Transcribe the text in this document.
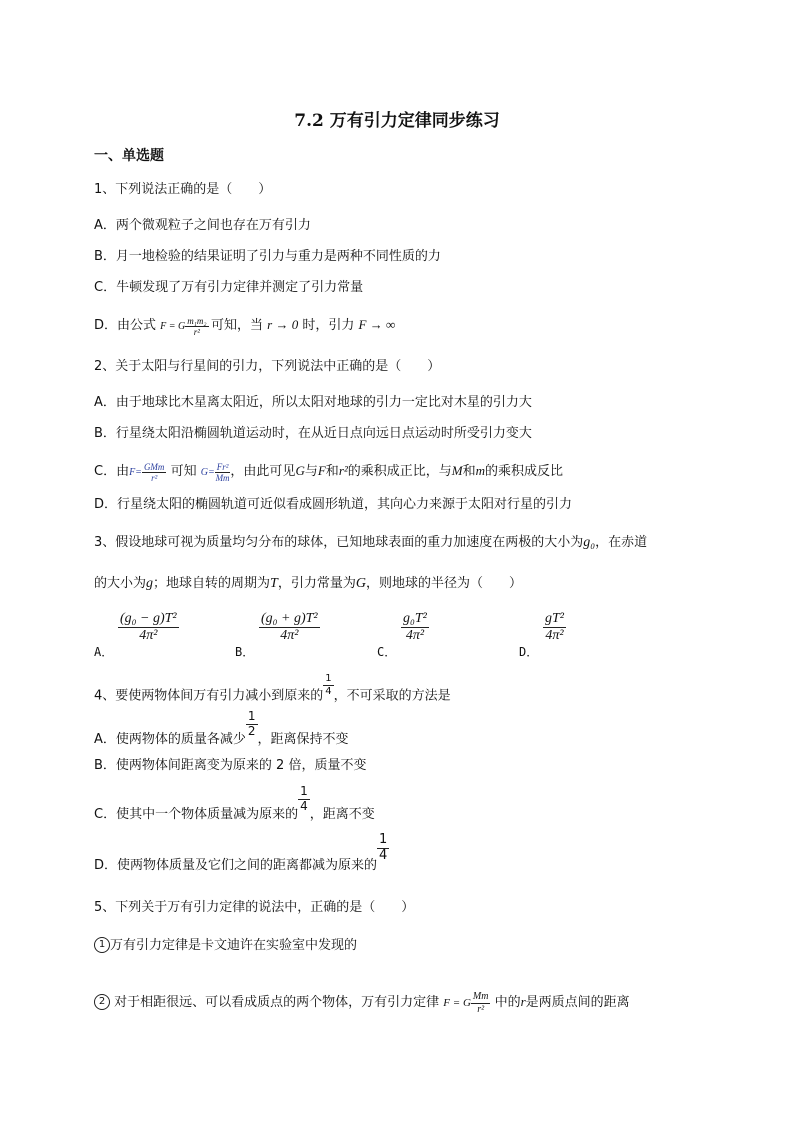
7.2 万有引力定律同步练习
一、单选题
1、下列说法正确的是（　　）
A．两个微观粒子之间也存在万有引力
B．月一地检验的结果证明了引力与重力是两种不同性质的力
C．牛顿发现了万有引力定律并测定了引力常量
D．由公式 F = G $\frac{\text{m₁m₂}}{\text{r²}}$ 可知，当 r → 0 时，引力 F → ∞
2、关于太阳与行星间的引力，下列说法中正确的是（　　）
A．由于地球比木星离太阳近，所以太阳对地球的引力一定比对木星的引力大
B．行星绕太阳沿椭圆轨道运动时，在从近日点向远日点运动时所受引力变大
C．由$F= \frac{\text{GMm}}{\text{r²}}$ 可知 $G= \frac{\text{Fr²}}{Mm}$ ，由此可见G与F和r²的乘积成正比，与M和m的乘积成反比
D．行星绕太阳的椭圆轨道可近似看成圆形轨道，其向心力来源于太阳对行星的引力
3、假设地球可视为质量均匀分布的球体，已知地球表面的重力加速度在两极的大小为g₀，在赤道
的大小为g；地球自转的周期为T，引力常量为G，则地球的半径为（　　）
A．
$\frac{\text{(g₀ − g)T²}}{\text{4π²}}$
B．
$\frac{\text{(g₀ + g)T²}}{\text{4π²}}$
C．
$\frac{\text{g₀T²}}{\text{4π²}}$
D．
$\frac{\text{gT²}}{\text{4π²}}$
4、要使两物体间万有引力减小到原来的 $\frac{1}{4}$ ，不可采取的方法是
A．使两物体的质量各减少
$\frac{1}{2}$
，距离保持不变
B．使两物体间距离变为原来的 2 倍，质量不变
C．使其中一个物体质量减为原来的
$\frac{1}{4}$
，距离不变
D．使两物体质量及它们之间的距离都减为原来的
$\frac{1}{4}$
5、下列关于万有引力定律的说法中，正确的是（　　）
1 万有引力定律是卡文迪许在实验室中发现的
2 对于相距很远、可以看成质点的两个物体，万有引力定律 F = G $\frac{Mm}{\text{r²}}$ 中的r是两质点间的距离
